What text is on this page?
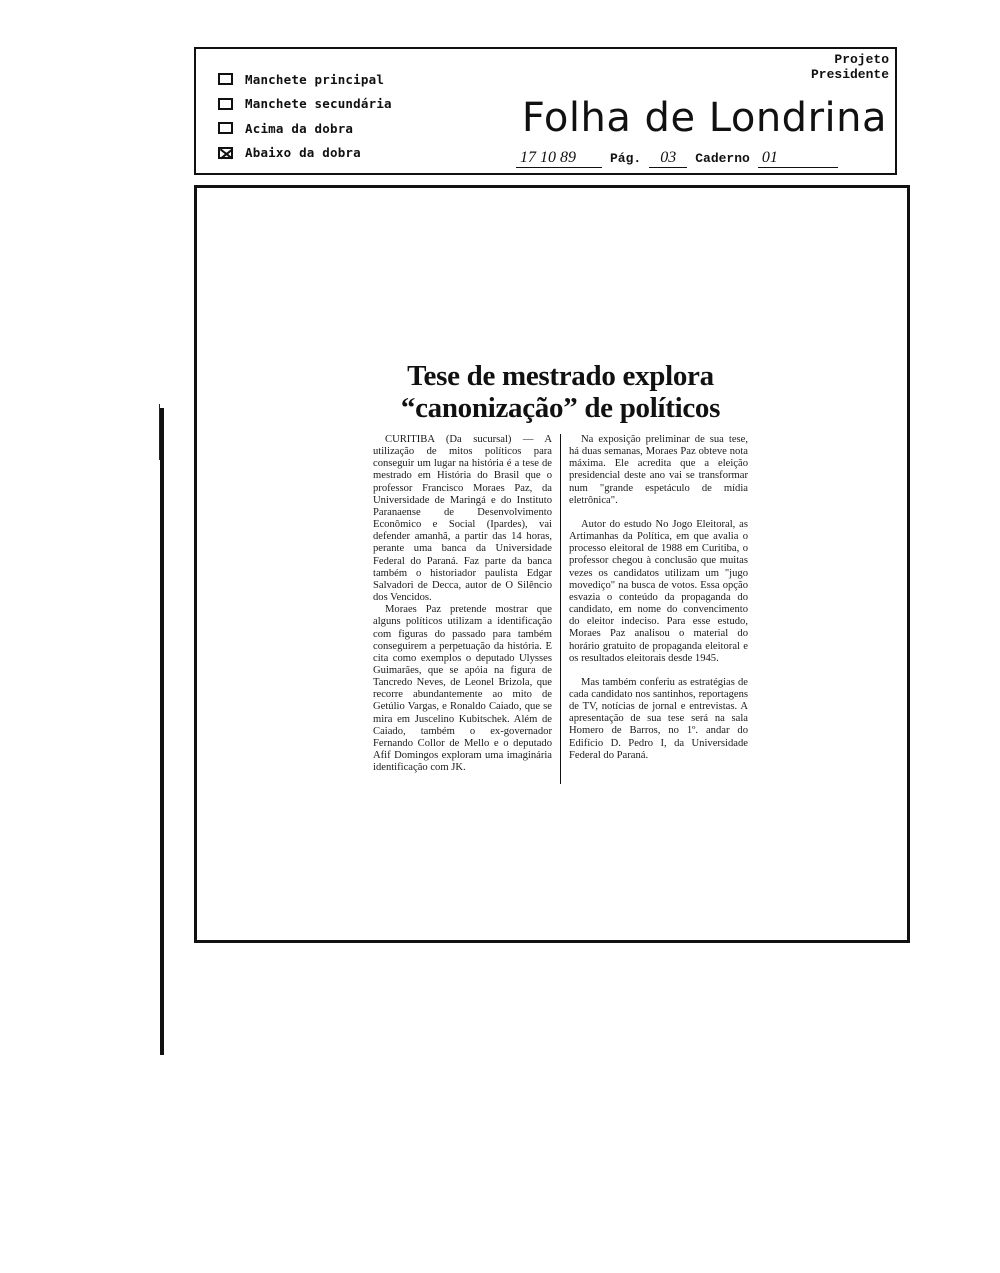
Manchete principal
Manchete secundária
Acima da dobra
Abaixo da dobra
Projeto
Presidente
Folha de Londrina
17 10 89	Pág.	03	Caderno 01
Tese de mestrado explora
“canonização” de políticos

CURITIBA (Da sucursal) — A utilização de mitos políticos para conseguir um lugar na história é a tese de mestrado em História do Brasil que o professor Francisco Moraes Paz, da Universidade de Maringá e do Instituto Paranaense de Desenvolvimento Econômico e Social (Ipardes), vai defender amanhã, a partir das 14 horas, perante uma banca da Universidade Federal do Paraná. Faz parte da banca também o historiador paulista Edgar Salvadori de Decca, autor de O Silêncio dos Vencidos.

Moraes Paz pretende mostrar que alguns políticos utilizam a identificação com figuras do passado para também conseguirem a perpetuação da história. E cita como exemplos o deputado Ulysses Guimarães, que se apóia na figura de Tancredo Neves, de Leonel Brizola, que recorre abundantemente ao mito de Getúlio Vargas, e Ronaldo Caiado, que se mira em Juscelino Kubitschek. Além de Caiado, também o ex-governador Fernando Collor de Mello e o deputado Afif Domingos exploram uma imaginária identificação com JK.

Na exposição preliminar de sua tese, há duas semanas, Moraes Paz obteve nota máxima. Ele acredita que a eleição presidencial deste ano vai se transformar num "grande espetáculo de mídia eletrônica".

Autor do estudo No Jogo Eleitoral, as Artimanhas da Política, em que avalia o processo eleitoral de 1988 em Curitiba, o professor chegou à conclusão que muitas vezes os candidatos utilizam um "jugo movediço" na busca de votos. Essa opção esvazia o conteúdo da propaganda do candidato, em nome do convencimento do eleitor indeciso. Para esse estudo, Moraes Paz analisou o material do horário gratuito de propaganda eleitoral e os resultados eleitorais desde 1945.

Mas também conferiu as estratégias de cada candidato nos santinhos, reportagens de TV, notícias de jornal e entrevistas. A apresentação de sua tese será na sala Homero de Barros, no 1º. andar do Edifício D. Pedro I, da Universidade Federal do Paraná.
